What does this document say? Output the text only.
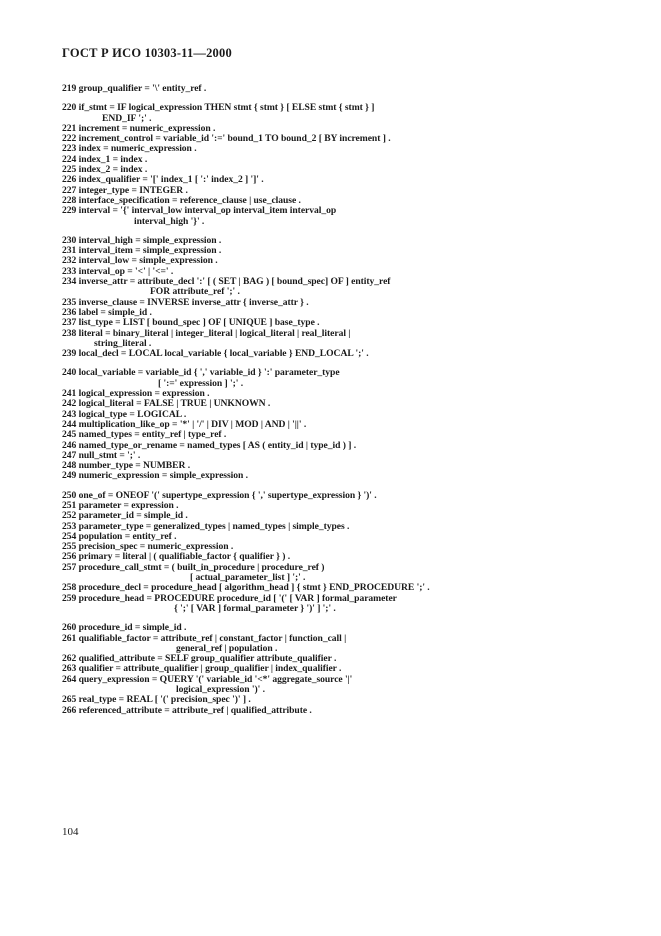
ГОСТ Р ИСО 10303-11—2000
219 group_qualifier = '\' entity_ref .
220 if_stmt = IF logical_expression THEN stmt { stmt } [ ELSE stmt { stmt } ]
END_IF ';' .
221 increment = numeric_expression .
222 increment_control = variable_id ':=' bound_1 TO bound_2 [ BY increment ] .
223 index = numeric_expression .
224 index_1 = index .
225 index_2 = index .
226 index_qualifier = '[' index_1 [ ':' index_2 ] ']' .
227 integer_type = INTEGER .
228 interface_specification = reference_clause | use_clause .
229 interval = '{' interval_low interval_op interval_item interval_op
interval_high '}' .
230 interval_high = simple_expression .
231 interval_item = simple_expression .
232 interval_low = simple_expression .
233 interval_op = '<' | '<=' .
234 inverse_attr = attribute_decl ':' [ ( SET | BAG ) [ bound_spec] OF ] entity_ref
FOR attribute_ref ';' .
235 inverse_clause = INVERSE inverse_attr { inverse_attr } .
236 label = simple_id .
237 list_type = LIST [ bound_spec ] OF [ UNIQUE ] base_type .
238 literal = binary_literal | integer_literal | logical_literal | real_literal |
string_literal .
239 local_decl = LOCAL local_variable { local_variable } END_LOCAL ';' .
240 local_variable = variable_id { ',' variable_id } ':' parameter_type
[ ':=' expression ] ';' .
241 logical_expression = expression .
242 logical_literal = FALSE | TRUE | UNKNOWN .
243 logical_type = LOGICAL .
244 multiplication_like_op = '*' | '/' | DIV | MOD | AND | '||' .
245 named_types = entity_ref | type_ref .
246 named_type_or_rename = named_types [ AS ( entity_id | type_id ) ] .
247 null_stmt = ';' .
248 number_type = NUMBER .
249 numeric_expression = simple_expression .
250 one_of = ONEOF '(' supertype_expression { ',' supertype_expression } ')' .
251 parameter = expression .
252 parameter_id = simple_id .
253 parameter_type = generalized_types | named_types | simple_types .
254 population = entity_ref .
255 precision_spec = numeric_expression .
256 primary = literal | ( qualifiable_factor { qualifier } ) .
257 procedure_call_stmt = ( built_in_procedure | procedure_ref )
[ actual_parameter_list ] ';' .
258 procedure_decl = procedure_head [ algorithm_head ] { stmt } END_PROCEDURE ';' .
259 procedure_head = PROCEDURE procedure_id [ '(' [ VAR ] formal_parameter
{ ';' [ VAR ] formal_parameter } ')' ] ';' .
260 procedure_id = simple_id .
261 qualifiable_factor = attribute_ref | constant_factor | function_call |
general_ref | population .
262 qualified_attribute = SELF group_qualifier attribute_qualifier .
263 qualifier = attribute_qualifier | group_qualifier | index_qualifier .
264 query_expression = QUERY '(' variable_id '<*' aggregate_source '|'
logical_expression ')' .
265 real_type = REAL [ '(' precision_spec ')' ] .
266 referenced_attribute = attribute_ref | qualified_attribute .
104
